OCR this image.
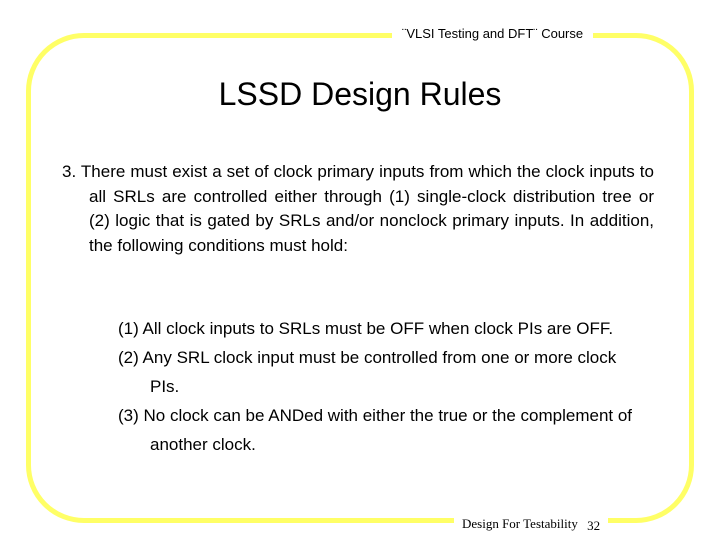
¨VLSI Testing and DFT¨ Course
LSSD Design Rules

3. There must exist a set of clock primary inputs from which the clock inputs to all SRLs are controlled either through (1) single-clock distribution tree or (2) logic that is gated by SRLs and/or nonclock primary inputs. In addition, the following conditions must hold:

(1) All clock inputs to SRLs must be OFF when clock PIs are OFF.
(2) Any SRL clock input must be controlled from one or more clock PIs.
(3) No clock can be ANDed with either the true or the complement of another clock.
Design For Testability 32
